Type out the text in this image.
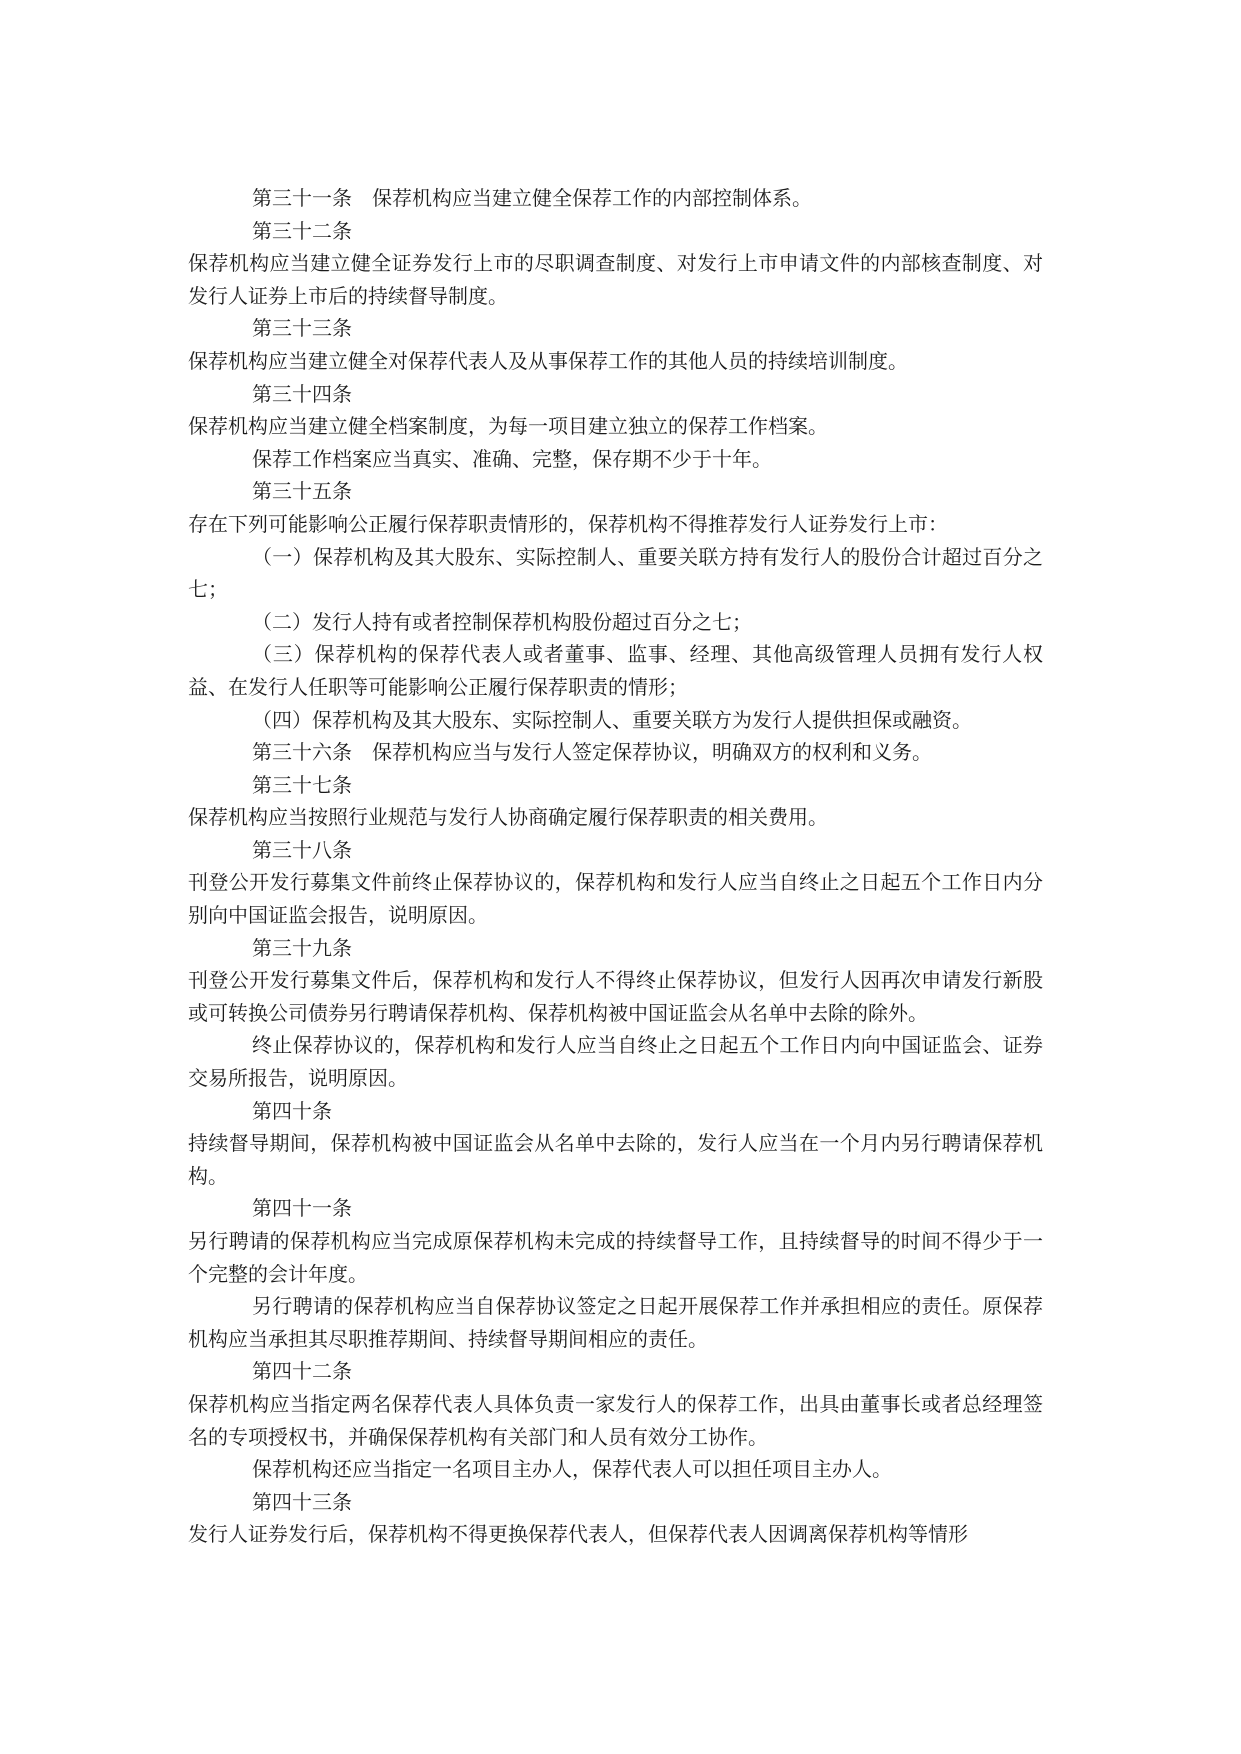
第三十一条　保荐机构应当建立健全保荐工作的内部控制体系。

第三十二条

保荐机构应当建立健全证券发行上市的尽职调查制度、对发行上市申请文件的内部核查制度、对发行人证券上市后的持续督导制度。

第三十三条

保荐机构应当建立健全对保荐代表人及从事保荐工作的其他人员的持续培训制度。

第三十四条

保荐机构应当建立健全档案制度，为每一项目建立独立的保荐工作档案。

保荐工作档案应当真实、准确、完整，保存期不少于十年。

第三十五条

存在下列可能影响公正履行保荐职责情形的，保荐机构不得推荐发行人证券发行上市：

（一）保荐机构及其大股东、实际控制人、重要关联方持有发行人的股份合计超过百分之七；

（二）发行人持有或者控制保荐机构股份超过百分之七；

（三）保荐机构的保荐代表人或者董事、监事、经理、其他高级管理人员拥有发行人权益、在发行人任职等可能影响公正履行保荐职责的情形；

（四）保荐机构及其大股东、实际控制人、重要关联方为发行人提供担保或融资。

第三十六条　保荐机构应当与发行人签定保荐协议，明确双方的权利和义务。

第三十七条

保荐机构应当按照行业规范与发行人协商确定履行保荐职责的相关费用。

第三十八条

刊登公开发行募集文件前终止保荐协议的，保荐机构和发行人应当自终止之日起五个工作日内分别向中国证监会报告，说明原因。

第三十九条

刊登公开发行募集文件后，保荐机构和发行人不得终止保荐协议，但发行人因再次申请发行新股或可转换公司债券另行聘请保荐机构、保荐机构被中国证监会从名单中去除的除外。

终止保荐协议的，保荐机构和发行人应当自终止之日起五个工作日内向中国证监会、证券交易所报告，说明原因。

第四十条

持续督导期间，保荐机构被中国证监会从名单中去除的，发行人应当在一个月内另行聘请保荐机构。

第四十一条

另行聘请的保荐机构应当完成原保荐机构未完成的持续督导工作，且持续督导的时间不得少于一个完整的会计年度。

另行聘请的保荐机构应当自保荐协议签定之日起开展保荐工作并承担相应的责任。原保荐机构应当承担其尽职推荐期间、持续督导期间相应的责任。

第四十二条

保荐机构应当指定两名保荐代表人具体负责一家发行人的保荐工作，出具由董事长或者总经理签名的专项授权书，并确保保荐机构有关部门和人员有效分工协作。

保荐机构还应当指定一名项目主办人，保荐代表人可以担任项目主办人。

第四十三条

发行人证券发行后，保荐机构不得更换保荐代表人，但保荐代表人因调离保荐机构等情形
